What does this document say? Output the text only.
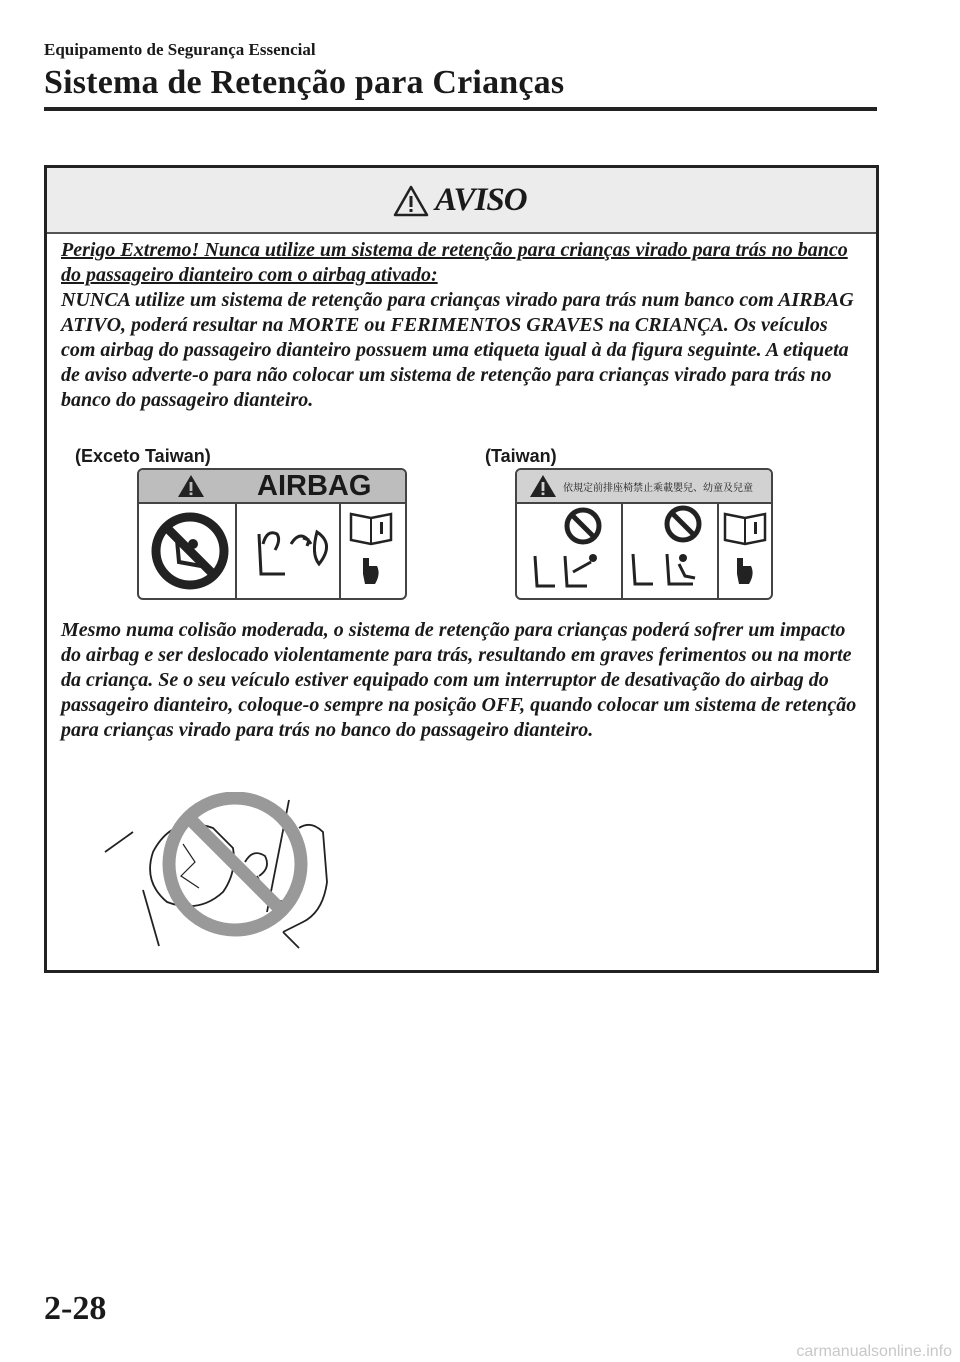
Equipamento de Segurança Essencial
Sistema de Retenção para Crianças
AVISO

Perigo Extremo! Nunca utilize um sistema de retenção para crianças virado para trás no banco do passageiro dianteiro com o airbag ativado:

NUNCA utilize um sistema de retenção para crianças virado para trás num banco com AIRBAG ATIVO, poderá resultar na MORTE ou FERIMENTOS GRAVES na CRIANÇA. Os veículos com airbag do passageiro dianteiro possuem uma etiqueta igual à da figura seguinte. A etiqueta de aviso adverte-o para não colocar um sistema de retenção para crianças virado para trás no banco do passageiro dianteiro.

(Exceto Taiwan)
AIRBAG
(Taiwan)
依規定前排座椅禁止乘載嬰兒、幼童及兒童

Mesmo numa colisão moderada, o sistema de retenção para crianças poderá sofrer um impacto do airbag e ser deslocado violentamente para trás, resultando em graves ferimentos ou na morte da criança. Se o seu veículo estiver equipado com um interruptor de desativação do airbag do passageiro dianteiro, coloque-o sempre na posição OFF, quando colocar um sistema de retenção para crianças virado para trás no banco do passageiro dianteiro.

2-28
carmanualsonline.info
